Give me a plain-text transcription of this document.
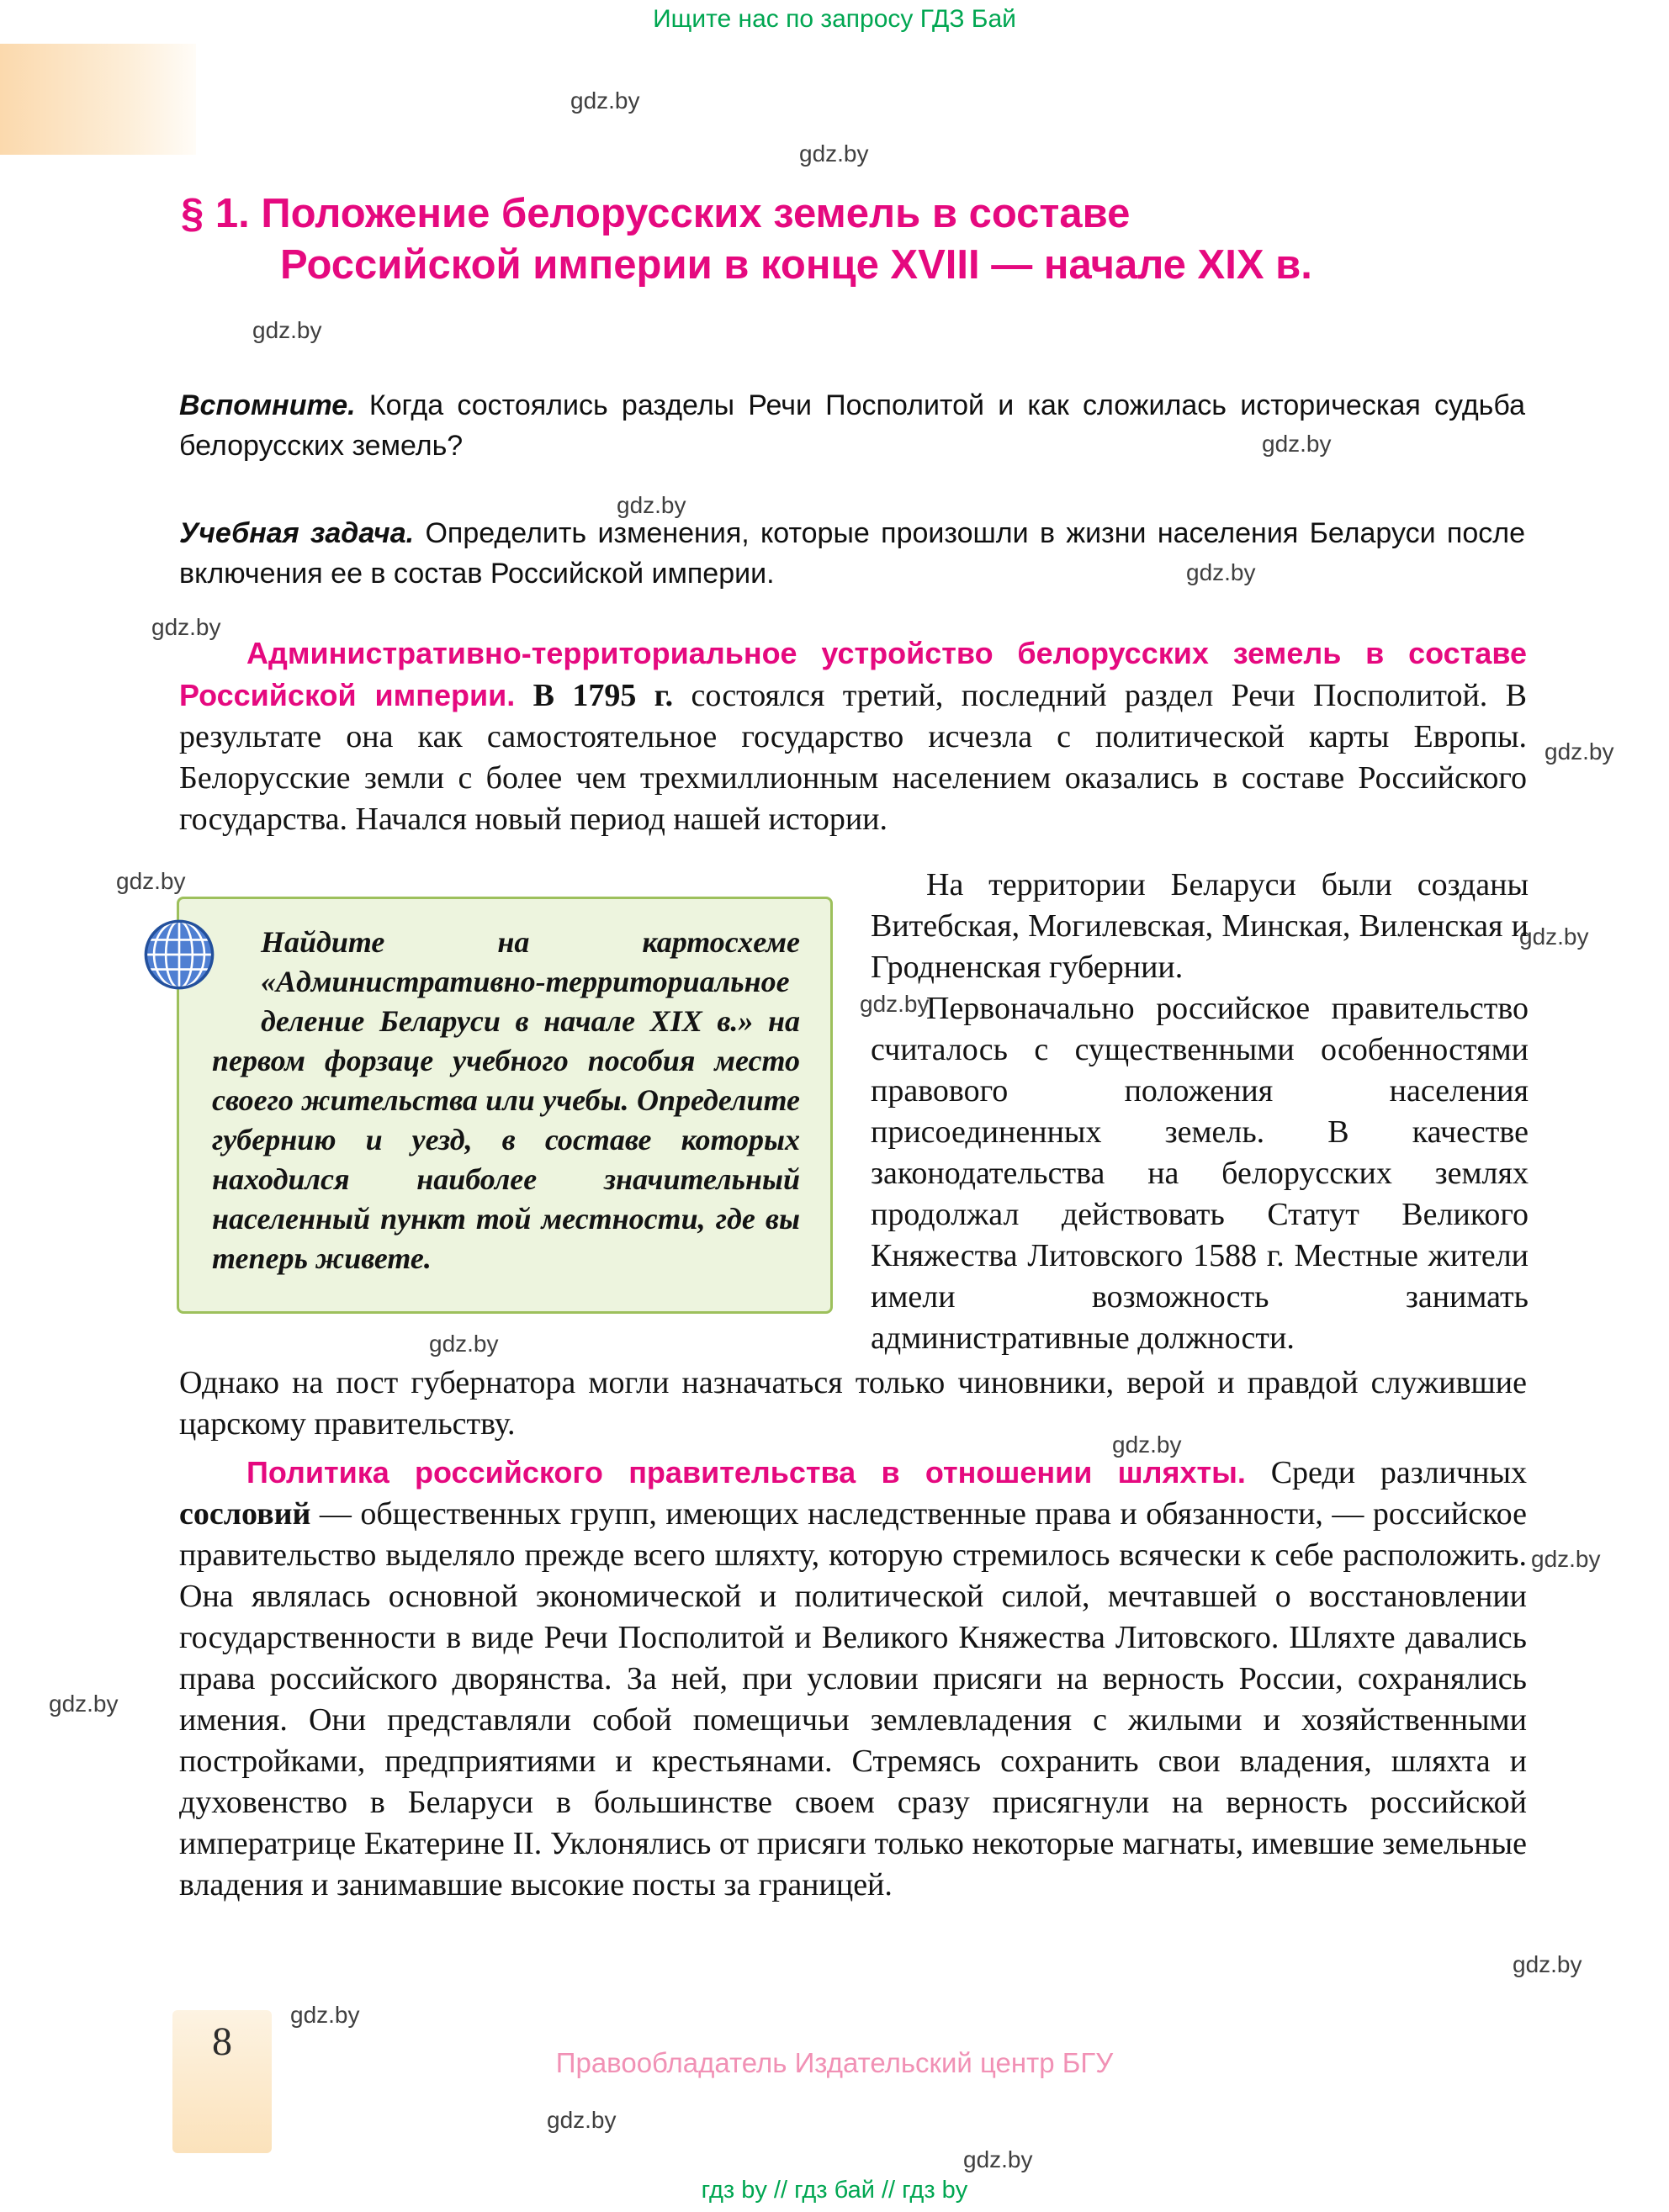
Ищите нас по запросу ГДЗ Бай
gdz.by
gdz.by
gdz.by
gdz.by
gdz.by
gdz.by
gdz.by
gdz.by
gdz.by
gdz.by
gdz.by
gdz.by
gdz.by
gdz.by
gdz.by
gdz.by
gdz.by
gdz.by
gdz.by
§ 1. Положение белорусских земель в составе
Российской империи в конце XVIII — начале XIX в.

Вспомните. Когда состоялись разделы Речи Посполитой и как сложилась историческая судьба белорусских земель?

Учебная задача. Определить изменения, которые произошли в жизни населения Беларуси после включения ее в состав Российской империи.

Административно-территориальное устройство белорусских земель в составе Российской империи. В 1795 г. состоялся третий, последний раздел Речи Посполитой. В результате она как самостоятельное государство исчезла с политической карты Европы. Белорусские земли с более чем трехмиллионным населением оказались в составе Российского государства. Начался новый период нашей истории.

Найдите на картосхеме «Административно-территориальное деление Беларуси в начале XIX в.» на первом форзаце учебного пособия место своего жительства или учебы. Определите губернию и уезд, в составе которых находился наиболее значительный населенный пункт той местности, где вы теперь живете.

На территории Беларуси были созданы Витебская, Могилевская, Минская, Виленская и Гродненская губернии.

Первоначально российское правительство считалось с существенными особенностями правового положения населения присоединенных земель. В качестве законодательства на белорусских землях продолжал действовать Статут Великого Княжества Литовского 1588 г. Местные жители имели возможность занимать административные должности.

Однако на пост губернатора могли назначаться только чиновники, верой и правдой служившие царскому правительству.

Политика российского правительства в отношении шляхты. Среди различных сословий — общественных групп, имеющих наследственные права и обязанности, — российское правительство выделяло прежде всего шляхту, которую стремилось всячески к себе расположить. Она являлась основной экономической и политической силой, мечтавшей о восстановлении государственности в виде Речи Посполитой и Великого Княжества Литовского. Шляхте давались права российского дворянства. За ней, при условии присяги на верность России, сохранялись имения. Они представляли собой помещичьи землевладения с жилыми и хозяйственными постройками, предприятиями и крестьянами. Стремясь сохранить свои владения, шляхта и духовенство в Беларуси в большинстве своем сразу присягнули на верность российской императрице Екатерине II. Уклонялись от присяги только некоторые магнаты, имевшие земельные владения и занимавшие высокие посты за границей.

8	Правообладатель Издательский центр БГУ
гдз by // гдз бай // гдз by
